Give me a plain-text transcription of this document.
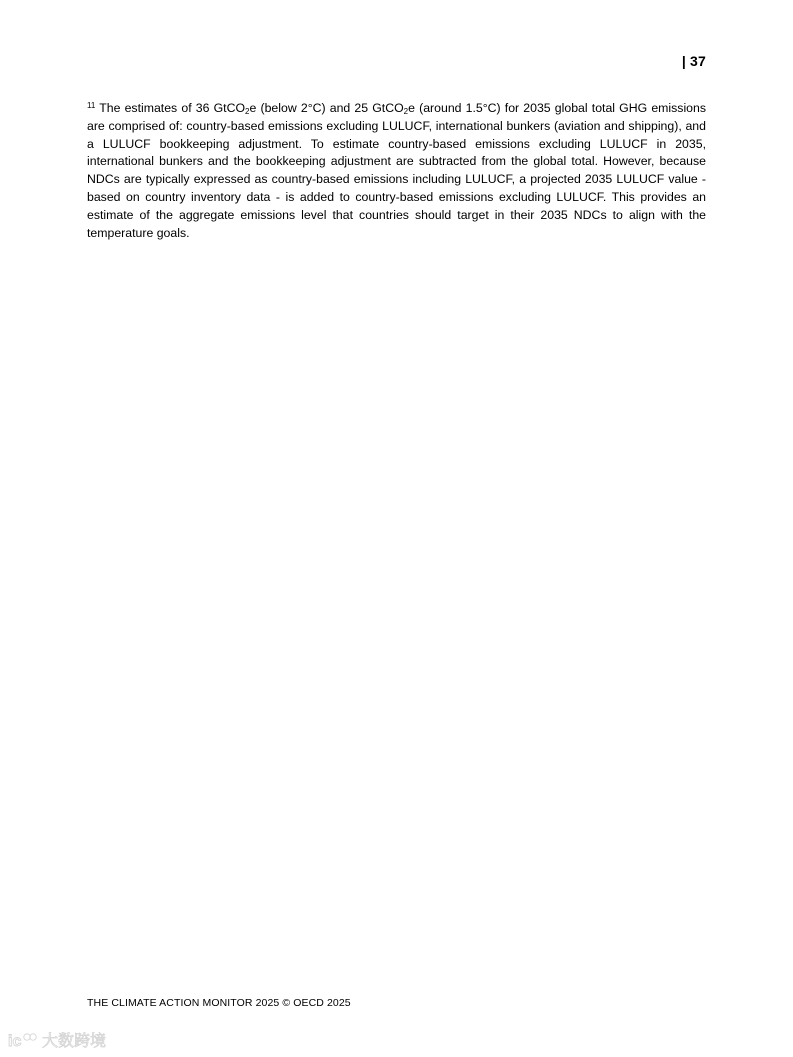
| 37

$^{11}$ The estimates of 36 GtCO$_2$e (below 2°C) and 25 GtCO$_2$e (around 1.5°C) for 2035 global total GHG emissions are comprised of: country-based emissions excluding LULUCF, international bunkers (aviation and shipping), and a LULUCF bookkeeping adjustment. To estimate country-based emissions excluding LULUCF in 2035, international bunkers and the bookkeeping adjustment are subtracted from the global total. However, because NDCs are typically expressed as country-based emissions including LULUCF, a projected 2035 LULUCF value - based on country inventory data - is added to country-based emissions excluding LULUCF. This provides an estimate of the aggregate emissions level that countries should target in their 2035 NDCs to align with the temperature goals.

THE CLIMATE ACTION MONITOR 2025 © OECD 2025
ic 大数跨境
